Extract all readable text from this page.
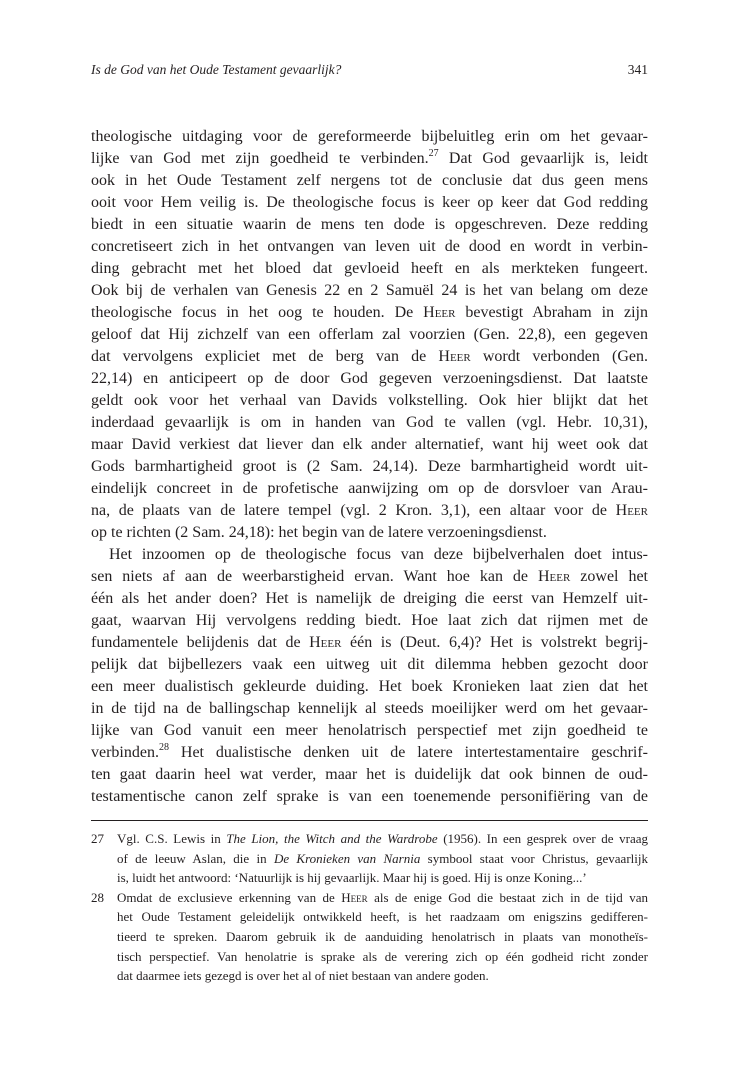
Is de God van het Oude Testament gevaarlijk?	341
theologische uitdaging voor de gereformeerde bijbeluitleg erin om het gevaar-
lijke van God met zijn goedheid te verbinden.$^{27}$ Dat God gevaarlijk is, leidt
ook in het Oude Testament zelf nergens tot de conclusie dat dus geen mens
ooit voor Hem veilig is. De theologische focus is keer op keer dat God redding
biedt in een situatie waarin de mens ten dode is opgeschreven. Deze redding
concretiseert zich in het ontvangen van leven uit de dood en wordt in verbin-
ding gebracht met het bloed dat gevloeid heeft en als merkteken fungeert.
Ook bij de verhalen van Genesis 22 en 2 Samuël 24 is het van belang om deze
theologische focus in het oog te houden. De Heer bevestigt Abraham in zijn
geloof dat Hij zichzelf van een offerlam zal voorzien (Gen. 22,8), een gegeven
dat vervolgens expliciet met de berg van de Heer wordt verbonden (Gen.
22,14) en anticipeert op de door God gegeven verzoeningsdienst. Dat laatste
geldt ook voor het verhaal van Davids volkstelling. Ook hier blijkt dat het
inderdaad gevaarlijk is om in handen van God te vallen (vgl. Hebr. 10,31),
maar David verkiest dat liever dan elk ander alternatief, want hij weet ook dat
Gods barmhartigheid groot is (2 Sam. 24,14). Deze barmhartigheid wordt uit-
eindelijk concreet in de profetische aanwijzing om op de dorsvloer van Arau-
na, de plaats van de latere tempel (vgl. 2 Kron. 3,1), een altaar voor de Heer
op te richten (2 Sam. 24,18): het begin van de latere verzoeningsdienst.
Het inzoomen op de theologische focus van deze bijbelverhalen doet intus-
sen niets af aan de weerbarstigheid ervan. Want hoe kan de Heer zowel het
één als het ander doen? Het is namelijk de dreiging die eerst van Hemzelf uit-
gaat, waarvan Hij vervolgens redding biedt. Hoe laat zich dat rijmen met de
fundamentele belijdenis dat de Heer één is (Deut. 6,4)? Het is volstrekt begrij-
pelijk dat bijbellezers vaak een uitweg uit dit dilemma hebben gezocht door
een meer dualistisch gekleurde duiding. Het boek Kronieken laat zien dat het
in de tijd na de ballingschap kennelijk al steeds moeilijker werd om het gevaar-
lijke van God vanuit een meer henolatrisch perspectief met zijn goedheid te
verbinden.$^{28}$ Het dualistische denken uit de latere intertestamentaire geschrif-
ten gaat daarin heel wat verder, maar het is duidelijk dat ook binnen de oud-
testamentische canon zelf sprake is van een toenemende personifiëring van de
27 Vgl. C.S. Lewis in The Lion, the Witch and the Wardrobe (1956). In een gesprek over de vraag
of de leeuw Aslan, die in De Kronieken van Narnia symbool staat voor Christus, gevaarlijk
is, luidt het antwoord: ‘Natuurlijk is hij gevaarlijk. Maar hij is goed. Hij is onze Koning...’
28 Omdat de exclusieve erkenning van de Heer als de enige God die bestaat zich in de tijd van
het Oude Testament geleidelijk ontwikkeld heeft, is het raadzaam om enigszins gedifferen-
tieerd te spreken. Daarom gebruik ik de aanduiding henolatrisch in plaats van monotheïs-
tisch perspectief. Van henolatrie is sprake als de verering zich op één godheid richt zonder
dat daarmee iets gezegd is over het al of niet bestaan van andere goden.
